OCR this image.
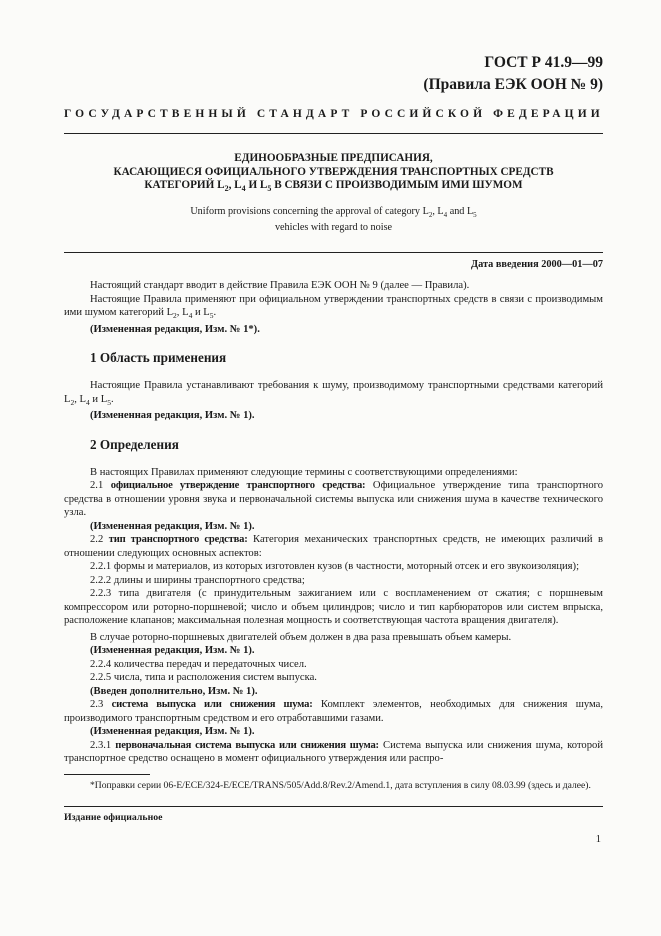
ГОСТ Р 41.9—99
(Правила ЕЭК ООН № 9)
ГОСУДАРСТВЕННЫЙ СТАНДАРТ РОССИЙСКОЙ ФЕДЕРАЦИИ
ЕДИНООБРАЗНЫЕ ПРЕДПИСАНИЯ,
КАСАЮЩИЕСЯ ОФИЦИАЛЬНОГО УТВЕРЖДЕНИЯ ТРАНСПОРТНЫХ СРЕДСТВ
КАТЕГОРИЙ $L_2$, $L_4$ И $L_5$ В СВЯЗИ С ПРОИЗВОДИМЫМ ИМИ ШУМОМ
Uniform provisions concerning the approval of category $L_2$, $L_4$ and $L_5$
vehicles with regard to noise
Дата введения 2000—01—07

Настоящий стандарт вводит в действие Правила ЕЭК ООН № 9 (далее — Правила).

Настоящие Правила применяют при официальном утверждении транспортных средств в связи с производимым ими шумом категорий $L_2$, $L_4$ и $L_5$.

(Измененная редакция, Изм. № 1*).

1 Область применения

Настоящие Правила устанавливают требования к шуму, производимому транспортными средствами категорий $L_2$, $L_4$ и $L_5$.

(Измененная редакция, Изм. № 1).

2 Определения

В настоящих Правилах применяют следующие термины с соответствующими определениями:

2.1 официальное утверждение транспортного средства: Официальное утверждение типа транспортного средства в отношении уровня звука и первоначальной системы выпуска или снижения шума в качестве технического узла.

(Измененная редакция, Изм. № 1).

2.2 тип транспортного средства: Категория механических транспортных средств, не имеющих различий в отношении следующих основных аспектов:

2.2.1 формы и материалов, из которых изготовлен кузов (в частности, моторный отсек и его звукоизоляция);

2.2.2 длины и ширины транспортного средства;

2.2.3 типа двигателя (с принудительным зажиганием или с воспламенением от сжатия; с поршневым компрессором или роторно-поршневой; число и объем цилиндров; число и тип карбюраторов или систем впрыска, расположение клапанов; максимальная полезная мощность и соответствующая частота вращения двигателя).

В случае роторно-поршневых двигателей объем должен в два раза превышать объем камеры.

(Измененная редакция, Изм. № 1).

2.2.4 количества передач и передаточных чисел.

2.2.5 числа, типа и расположения систем выпуска.

(Введен дополнительно, Изм. № 1).

2.3 система выпуска или снижения шума: Комплект элементов, необходимых для снижения шума, производимого транспортным средством и его отработавшими газами.

(Измененная редакция, Изм. № 1).

2.3.1 первоначальная система выпуска или снижения шума: Система выпуска или снижения шума, которой транспортное средство оснащено в момент официального утверждения или распро-

*Поправки серии 06-E/ECE/324-E/ECE/TRANS/505/Add.8/Rev.2/Amend.1, дата вступления в силу 08.03.99 (здесь и далее).

Издание официальное
1
